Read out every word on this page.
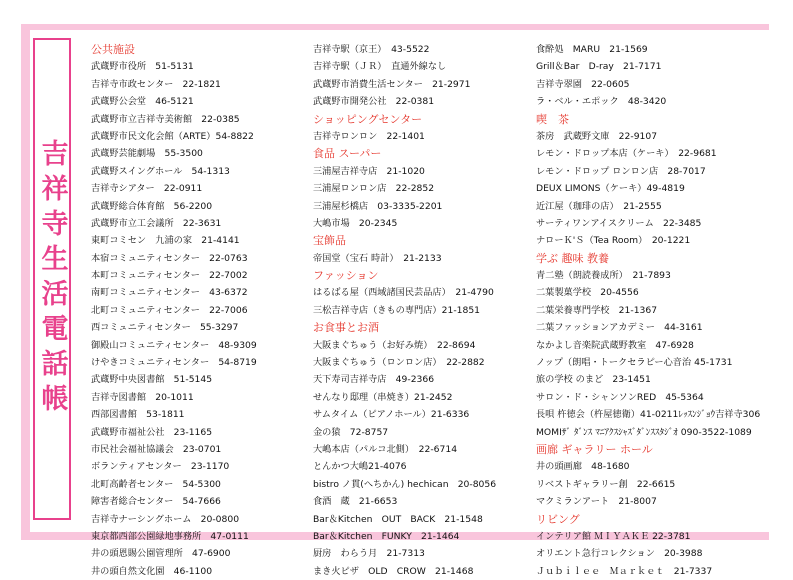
吉祥寺生活電話帳
公共施設
武蔵野市役所　51-5131
吉祥寺市政センター　22-1821
武蔵野公会堂　46-5121
武蔵野市立吉祥寺美術館　22-0385
武蔵野市民文化会館（ARTE）54-8822
武蔵野芸能劇場　55-3500
武蔵野スイングホール　54-1313
吉祥寺シアター　22-0911
武蔵野総合体育館　56-2200
武蔵野市立工会議所　22-3631
東町コミセン　九浦の家　21-4141
本宿コミュニティセンター　22-0763
本町コミュニティセンター　22-7002
南町コミュニティセンター　43-6372
北町コミュニティセンター　22-7006
西コミュニティセンター　55-3297
御殿山コミュニティセンター　48-9309
けやきコミュニティセンター　54-8719
武蔵野中央図書館　51-5145
吉祥寺図書館　20-1011
西部図書館　53-1811
武蔵野市福祉公社　23-1165
市民社会福祉協議会　23-0701
ボランティアセンター　23-1170
北町高齢者センター　54-5300
障害者総合センター　54-7666
吉祥寺ナーシングホーム　20-0800
東京都西部公園緑地事務所　47-0111
井の頭恩賜公園管理所　47-6900
井の頭自然文化園　46-1100
吉祥寺駅（京王）　43-5522
吉祥寺駅（ＪＲ）　直通外線なし
武蔵野市消費生活センター　21-2971
武蔵野市開発公社　22-0381
ショッピングセンター
吉祥寺ロンロン　22-1401
食品 スーパー
三浦屋吉祥寺店　21-1020
三浦屋ロンロン店　22-2852
三浦屋杉橋店　03-3335-2201
大嶋市場　20-2345
宝飾品
帝国堂（宝石 時計）　21-2133
ファッション
はるばる屋（西域諸国民芸品店）　21-4790
三松吉祥寺店（きもの専門店）21-1851
お食事とお酒
大阪まぐちゅう（お好み焼）　22-8694
大阪まぐちゅう（ロンロン店）　22-2882
天下寿司吉祥寺店　49-2366
せんなり邸理（串焼き）21-2452
サムタイム（ピアノホール）21-6336
金の猿　72-8757
大嶋本店（パルコ北側）　22-6714
とんかつ大嶋21-4076
bistro ノ貫(へちかん) hechican　20-8056
食酒　蔵　21-6653
Bar＆Kitchen　OUT　BACK　21-1548
Bar＆Kitchen　FUNKY　21-1464
厨房　わらう月　21-7313
まき火ピザ　OLD　CROW　21-1468
食酔処　MARU　21-1569
Grill＆Bar　D-ray　21-7171
吉祥寺翠園　22-0605
ラ・ベル・エポック　48-3420
喫　茶
茶房　武蔵野文庫　22-9107
レモン・ドロップ本店（ケーキ）　22-9681
レモン・ドロップ ロンロン店　28-7017
DEUX LIMONS（ケーキ）49-4819
近江屋（珈琲の店）　21-2555
サーティワンアイスクリーム　22-3485
ナローＫ'Ｓ（Tea Room）　20-1221
学ぶ 趣味 教養
青二塾（朗読養成所）　21-7893
二葉製菓学校　20-4556
二葉栄養専門学校　21-1367
二葉ファッションアカデミー　44-3161
なかよし音楽院武蔵野教室　47-6928
ノップ（朗唱・トークセラピー心音治 45-1731
旅の学校 のまど　23-1451
サロン・ド・シャンソンRED　45-5364
長唄 杵徳会（杵屋徳衛）41-0211ﾚｯｽﾝｼﾞｮｳ吉祥寺306
MOMIｻﾞ ﾀﾞﾝｽ ﾏﾆｱｸｽｼｬｽﾞﾀﾞﾝｽｽﾀｼﾞｵ 090-3522-1089
画廊 ギャラリー ホール
井の頭画廊　48-1680
リベストギャラリー創　22-6615
マクミランアート　21-8007
リビング
インテリア館 ＭＩＹＡＫＥ 22-3781
オリエント急行コレクション　20-3988
Ｊｕｂｉｌｅｅ　Ｍａｒｋｅｔ　21-7337
